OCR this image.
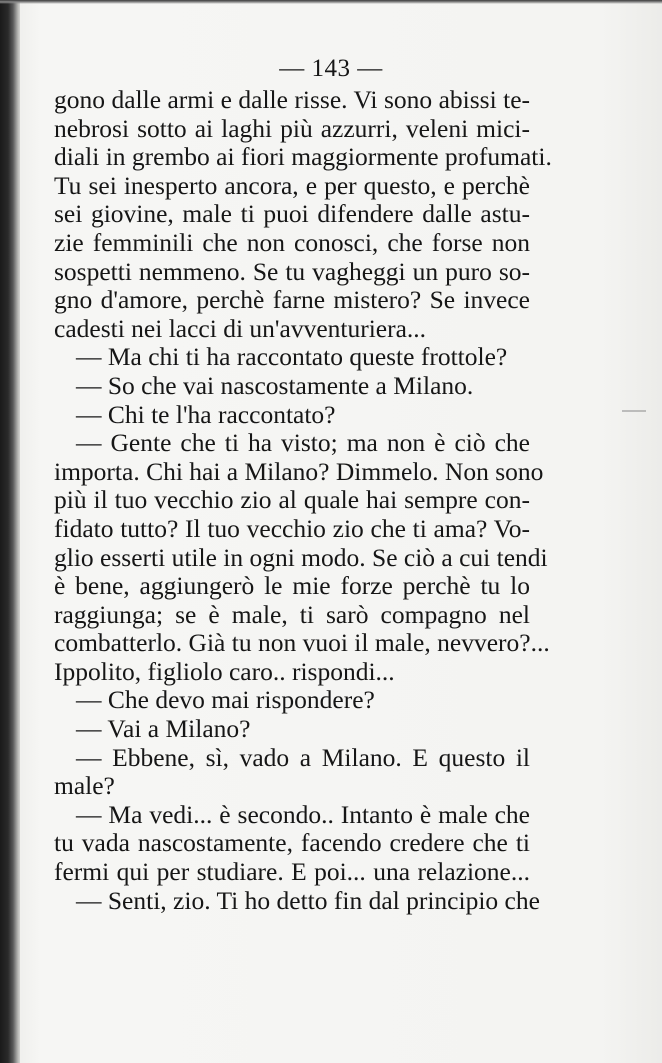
— 143 —
gono dalle armi e dalle risse. Vi sono abissi te-
nebrosi sotto ai laghi più azzurri, veleni mici-
diali in grembo ai fiori maggiormente profumati.
Tu sei inesperto ancora, e per questo, e perchè
sei giovine, male ti puoi difendere dalle astu-
zie femminili che non conosci, che forse non
sospetti nemmeno. Se tu vagheggi un puro so-
gno d'amore, perchè farne mistero? Se invece
cadesti nei lacci di un'avventuriera...
— Ma chi ti ha raccontato queste frottole?
— So che vai nascostamente a Milano.
— Chi te l'ha raccontato?
— Gente che ti ha visto; ma non è ciò che
importa. Chi hai a Milano? Dimmelo. Non sono
più il tuo vecchio zio al quale hai sempre con-
fidato tutto? Il tuo vecchio zio che ti ama? Vo-
glio esserti utile in ogni modo. Se ciò a cui tendi
è bene, aggiungerò le mie forze perchè tu lo
raggiunga; se è male, ti sarò compagno nel
combatterlo. Già tu non vuoi il male, nevvero?...
Ippolito, figliolo caro.. rispondi...
— Che devo mai rispondere?
— Vai a Milano?
— Ebbene, sì, vado a Milano. E questo il
male?
— Ma vedi... è secondo.. Intanto è male che
tu vada nascostamente, facendo credere che ti
fermi qui per studiare. E poi... una relazione...
— Senti, zio. Ti ho detto fin dal principio che
